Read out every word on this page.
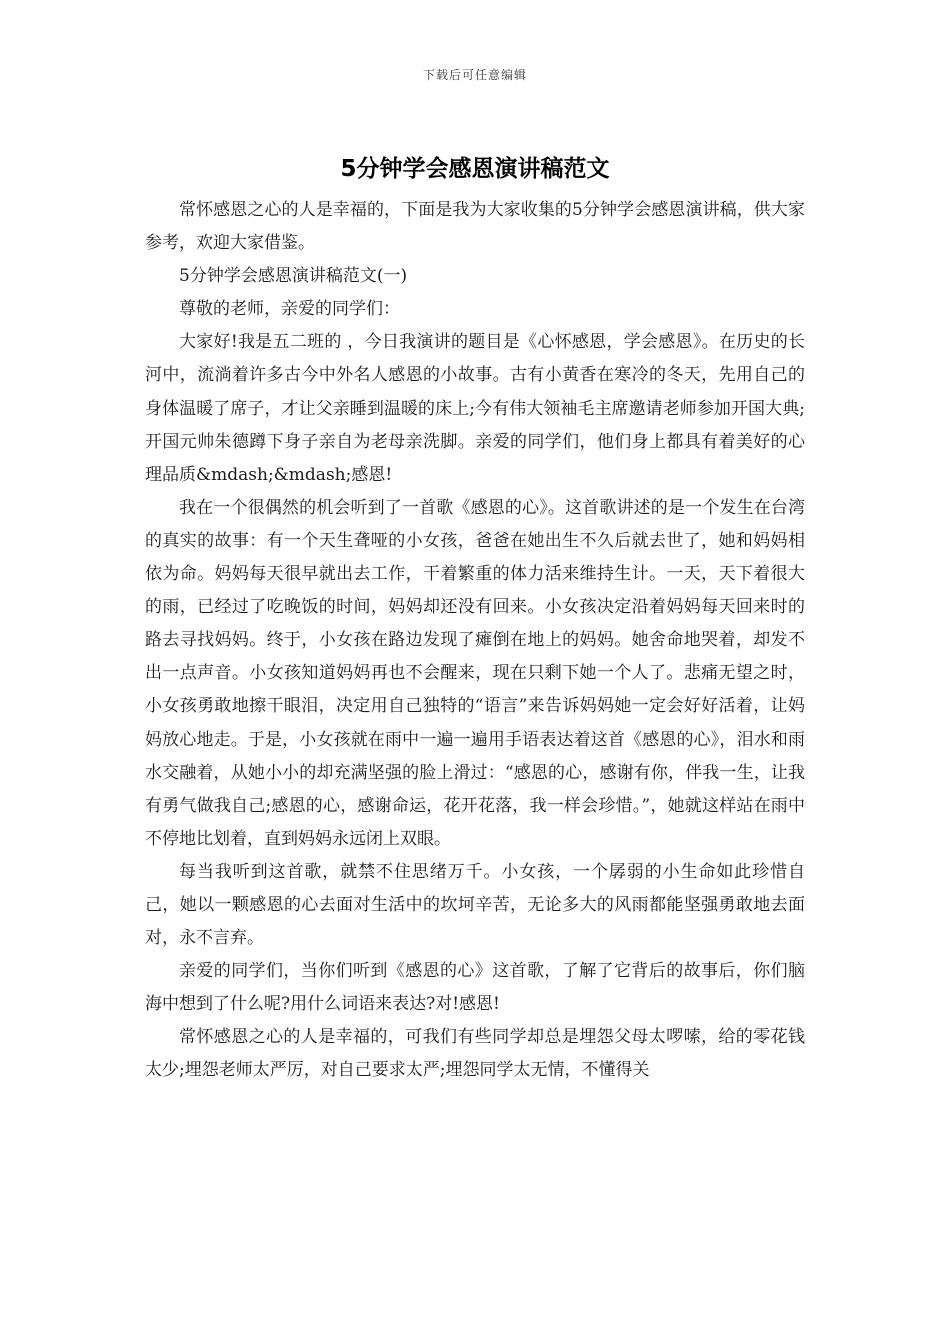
下载后可任意编辑
5分钟学会感恩演讲稿范文

常怀感恩之心的人是幸福的，下面是我为大家收集的5分钟学会感恩演讲稿，供大家参考，欢迎大家借鉴。

5分钟学会感恩演讲稿范文(一)

尊敬的老师，亲爱的同学们：

大家好!我是五二班的 ，今日我演讲的题目是《心怀感恩，学会感恩》。在历史的长河中，流淌着许多古今中外名人感恩的小故事。古有小黄香在寒冷的冬天，先用自己的身体温暖了席子，才让父亲睡到温暖的床上;今有伟大领袖毛主席邀请老师参加开国大典;开国元帅朱德蹲下身子亲自为老母亲洗脚。亲爱的同学们，他们身上都具有着美好的心理品质&mdash;&mdash;感恩!

我在一个很偶然的机会听到了一首歌《感恩的心》。这首歌讲述的是一个发生在台湾的真实的故事：有一个天生聋哑的小女孩，爸爸在她出生不久后就去世了，她和妈妈相依为命。妈妈每天很早就出去工作，干着繁重的体力活来维持生计。一天，天下着很大的雨，已经过了吃晚饭的时间，妈妈却还没有回来。小女孩决定沿着妈妈每天回来时的路去寻找妈妈。终于，小女孩在路边发现了瘫倒在地上的妈妈。她舍命地哭着，却发不出一点声音。小女孩知道妈妈再也不会醒来，现在只剩下她一个人了。悲痛无望之时，小女孩勇敢地擦干眼泪，决定用自己独特的“语言”来告诉妈妈她一定会好好活着，让妈妈放心地走。于是，小女孩就在雨中一遍一遍用手语表达着这首《感恩的心》，泪水和雨水交融着，从她小小的却充满坚强的脸上滑过：“感恩的心，感谢有你，伴我一生，让我有勇气做我自己;感恩的心，感谢命运，花开花落，我一样会珍惜。”，她就这样站在雨中不停地比划着，直到妈妈永远闭上双眼。

每当我听到这首歌，就禁不住思绪万千。小女孩，一个孱弱的小生命如此珍惜自己，她以一颗感恩的心去面对生活中的坎坷辛苦，无论多大的风雨都能坚强勇敢地去面对，永不言弃。

亲爱的同学们，当你们听到《感恩的心》这首歌，了解了它背后的故事后，你们脑海中想到了什么呢?用什么词语来表达?对!感恩!

常怀感恩之心的人是幸福的，可我们有些同学却总是埋怨父母太啰嗦，给的零花钱太少;埋怨老师太严厉，对自己要求太严;埋怨同学太无情，不懂得关
